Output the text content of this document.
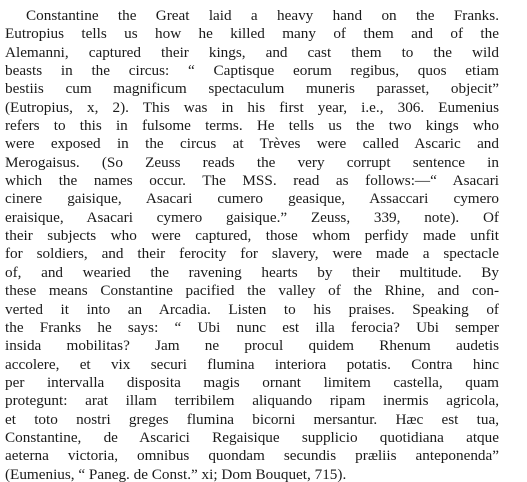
Constantine the Great laid a heavy hand on the Franks.
Eutropius tells us how he killed many of them and of the
Alemanni, captured their kings, and cast them to the wild
beasts in the circus: “ Captisque eorum regibus, quos etiam
bestiis cum magnificum spectaculum muneris parasset, objecit”
(Eutropius, x, 2). This was in his first year, i.e., 306. Eumenius
refers to this in fulsome terms. He tells us the two kings who
were exposed in the circus at Trèves were called Ascaric and
Merogaisus. (So Zeuss reads the very corrupt sentence in
which the names occur. The MSS. read as follows:—“ Asacari
cinere gaisique, Asacari cumero geasique, Assaccari cymero
eraisique, Asacari cymero gaisique.” Zeuss, 339, note). Of
their subjects who were captured, those whom perfidy made unfit
for soldiers, and their ferocity for slavery, were made a spectacle
of, and wearied the ravening hearts by their multitude. By
these means Constantine pacified the valley of the Rhine, and con-
verted it into an Arcadia. Listen to his praises. Speaking of
the Franks he says: “ Ubi nunc est illa ferocia? Ubi semper
insida mobilitas? Jam ne procul quidem Rhenum audetis
accolere, et vix securi flumina interiora potatis. Contra hinc
per intervalla disposita magis ornant limitem castella, quam
protegunt: arat illam terribilem aliquando ripam inermis agricola,
et toto nostri greges flumina bicorni mersantur. Hæc est tua,
Constantine, de Ascarici Regaisique supplicio quotidiana atque
aeterna victoria, omnibus quondam secundis præliis anteponenda”
(Eumenius, “ Paneg. de Const.” xi; Dom Bouquet, 715).
